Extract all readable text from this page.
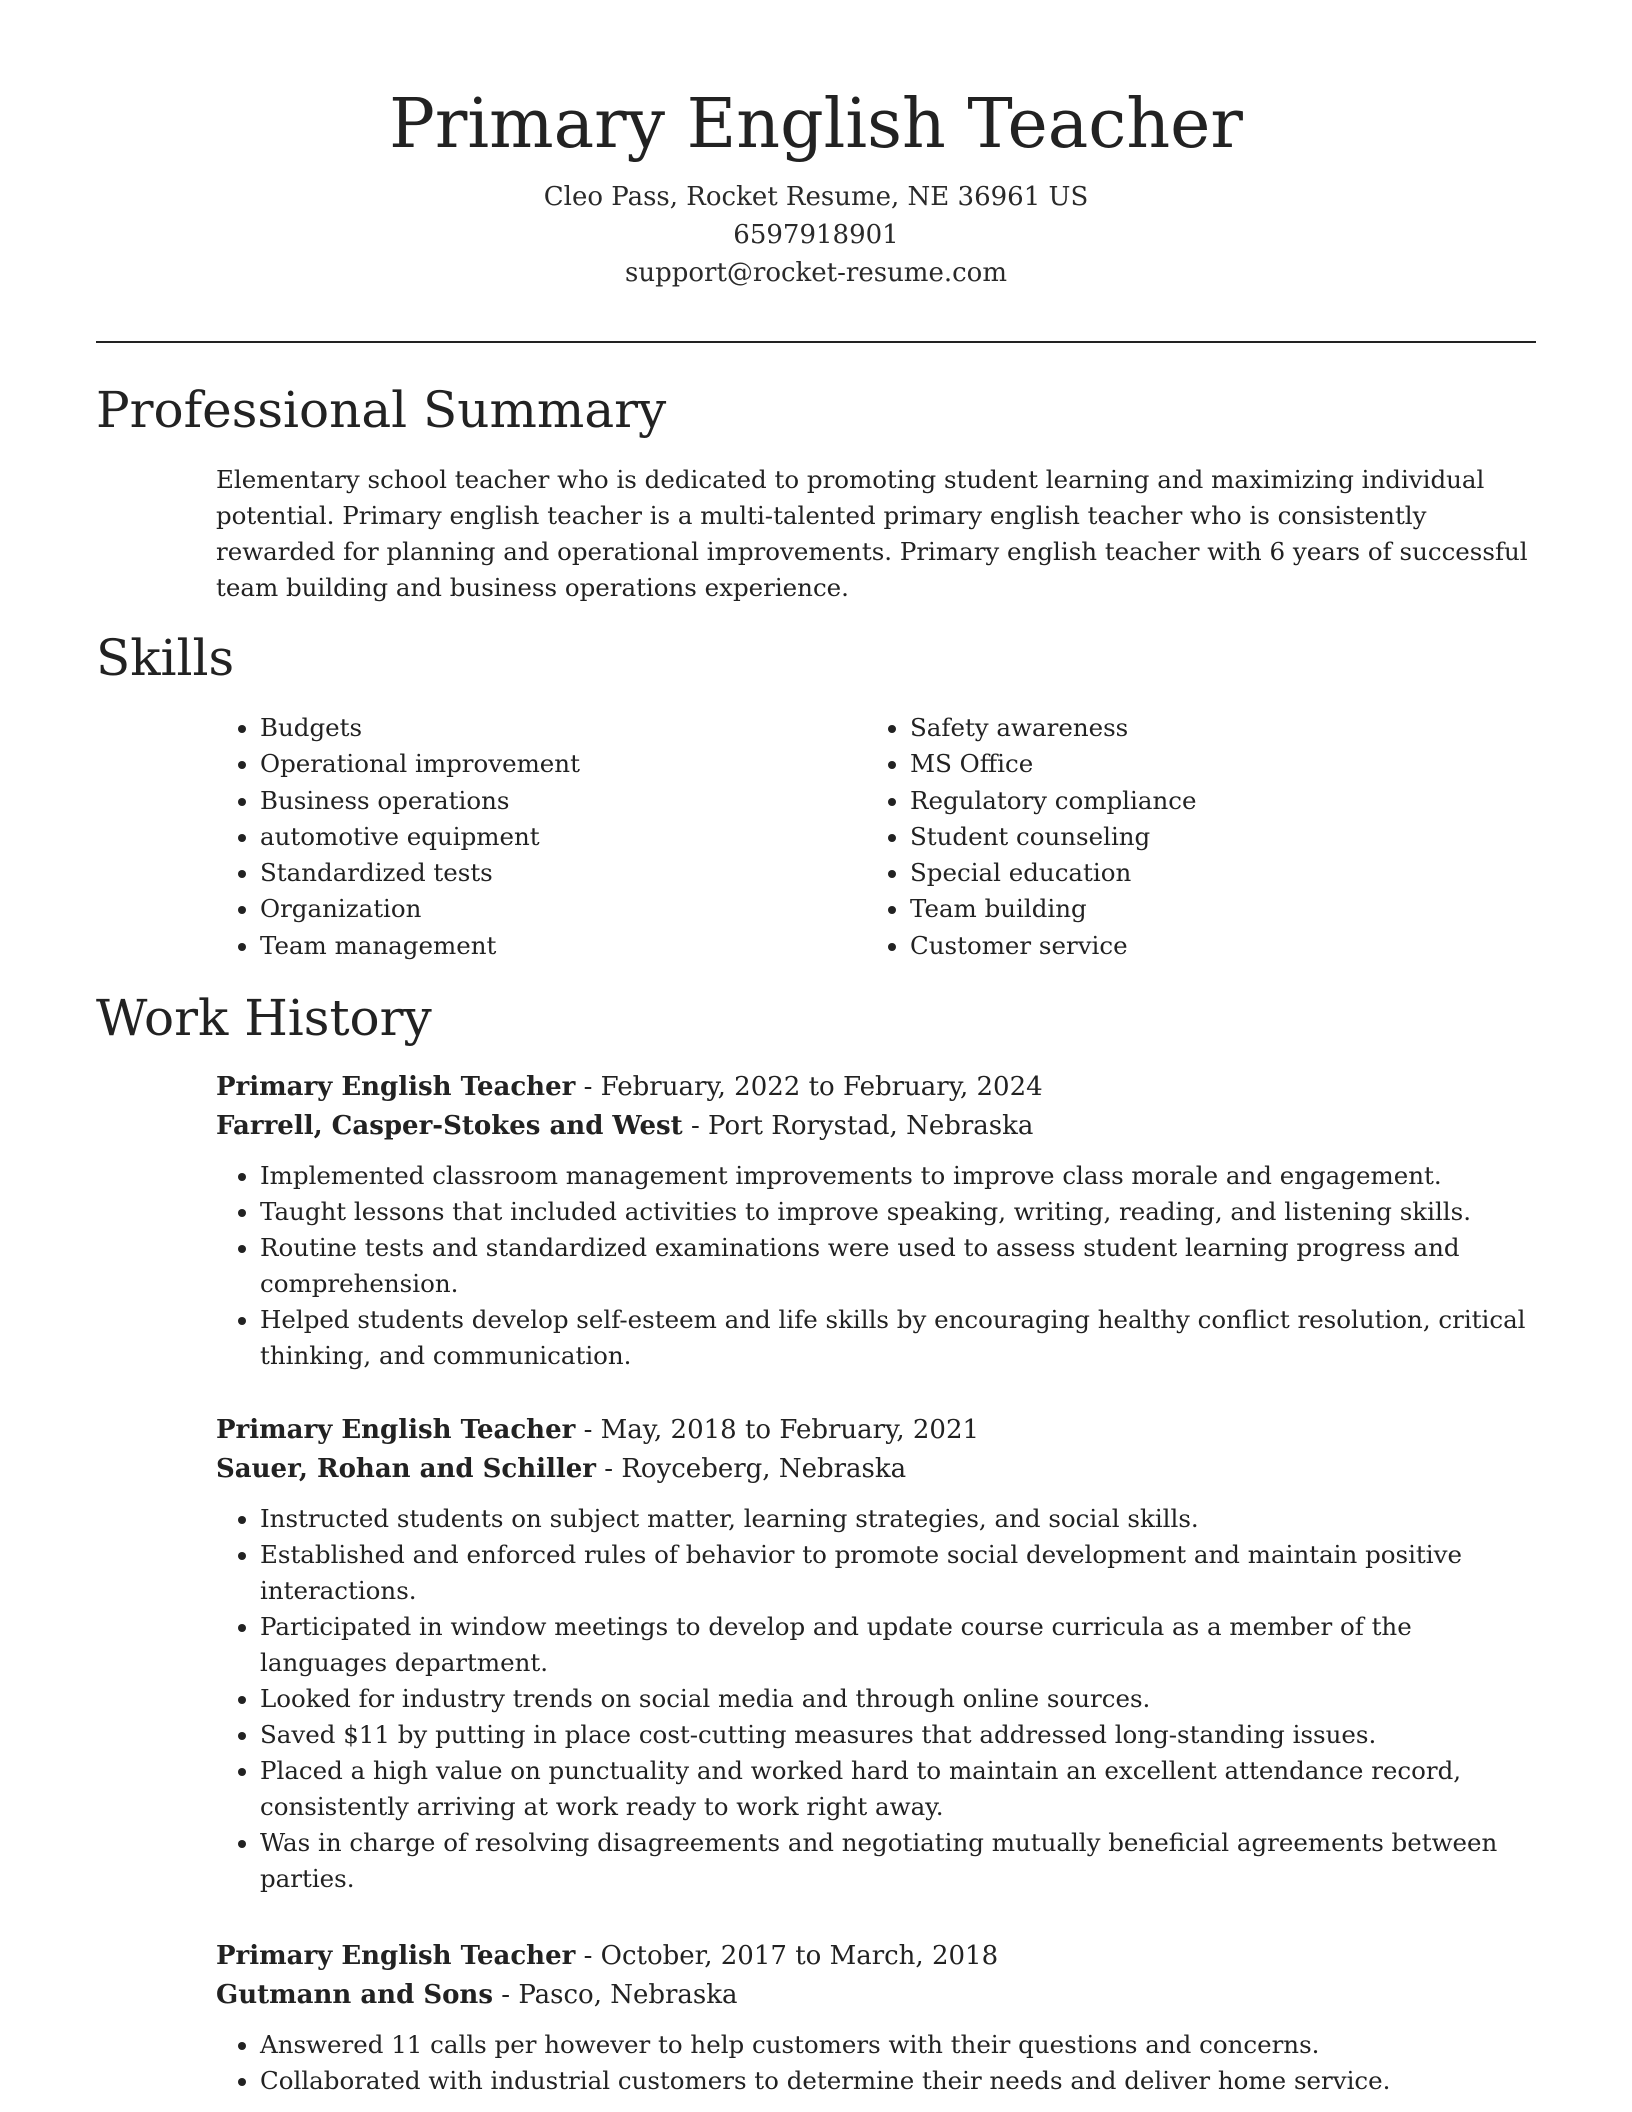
Primary English Teacher
Cleo Pass, Rocket Resume, NE 36961 US
6597918901
support@rocket-resume.com
Professional Summary

Elementary school teacher who is dedicated to promoting student learning and maximizing individual potential. Primary english teacher is a multi-talented primary english teacher who is consistently rewarded for planning and operational improvements. Primary english teacher with 6 years of successful team building and business operations experience.

Skills
• Budgets
• Operational improvement
• Business operations
• automotive equipment
• Standardized tests
• Organization
• Team management
• Safety awareness
• MS Office
• Regulatory compliance
• Student counseling
• Special education
• Team building
• Customer service
Work History
Primary English Teacher - February, 2022 to February, 2024
Farrell, Casper-Stokes and West - Port Rorystad, Nebraska
• Implemented classroom management improvements to improve class morale and engagement.
• Taught lessons that included activities to improve speaking, writing, reading, and listening skills.
• Routine tests and standardized examinations were used to assess student learning progress and comprehension.
• Helped students develop self-esteem and life skills by encouraging healthy conflict resolution, critical thinking, and communication.
Primary English Teacher - May, 2018 to February, 2021
Sauer, Rohan and Schiller - Royceberg, Nebraska
• Instructed students on subject matter, learning strategies, and social skills.
• Established and enforced rules of behavior to promote social development and maintain positive interactions.
• Participated in window meetings to develop and update course curricula as a member of the languages department.
• Looked for industry trends on social media and through online sources.
• Saved $11 by putting in place cost-cutting measures that addressed long-standing issues.
• Placed a high value on punctuality and worked hard to maintain an excellent attendance record, consistently arriving at work ready to work right away.
• Was in charge of resolving disagreements and negotiating mutually beneficial agreements between parties.
Primary English Teacher - October, 2017 to March, 2018
Gutmann and Sons - Pasco, Nebraska
• Answered 11 calls per however to help customers with their questions and concerns.
• Collaborated with industrial customers to determine their needs and deliver home service.
